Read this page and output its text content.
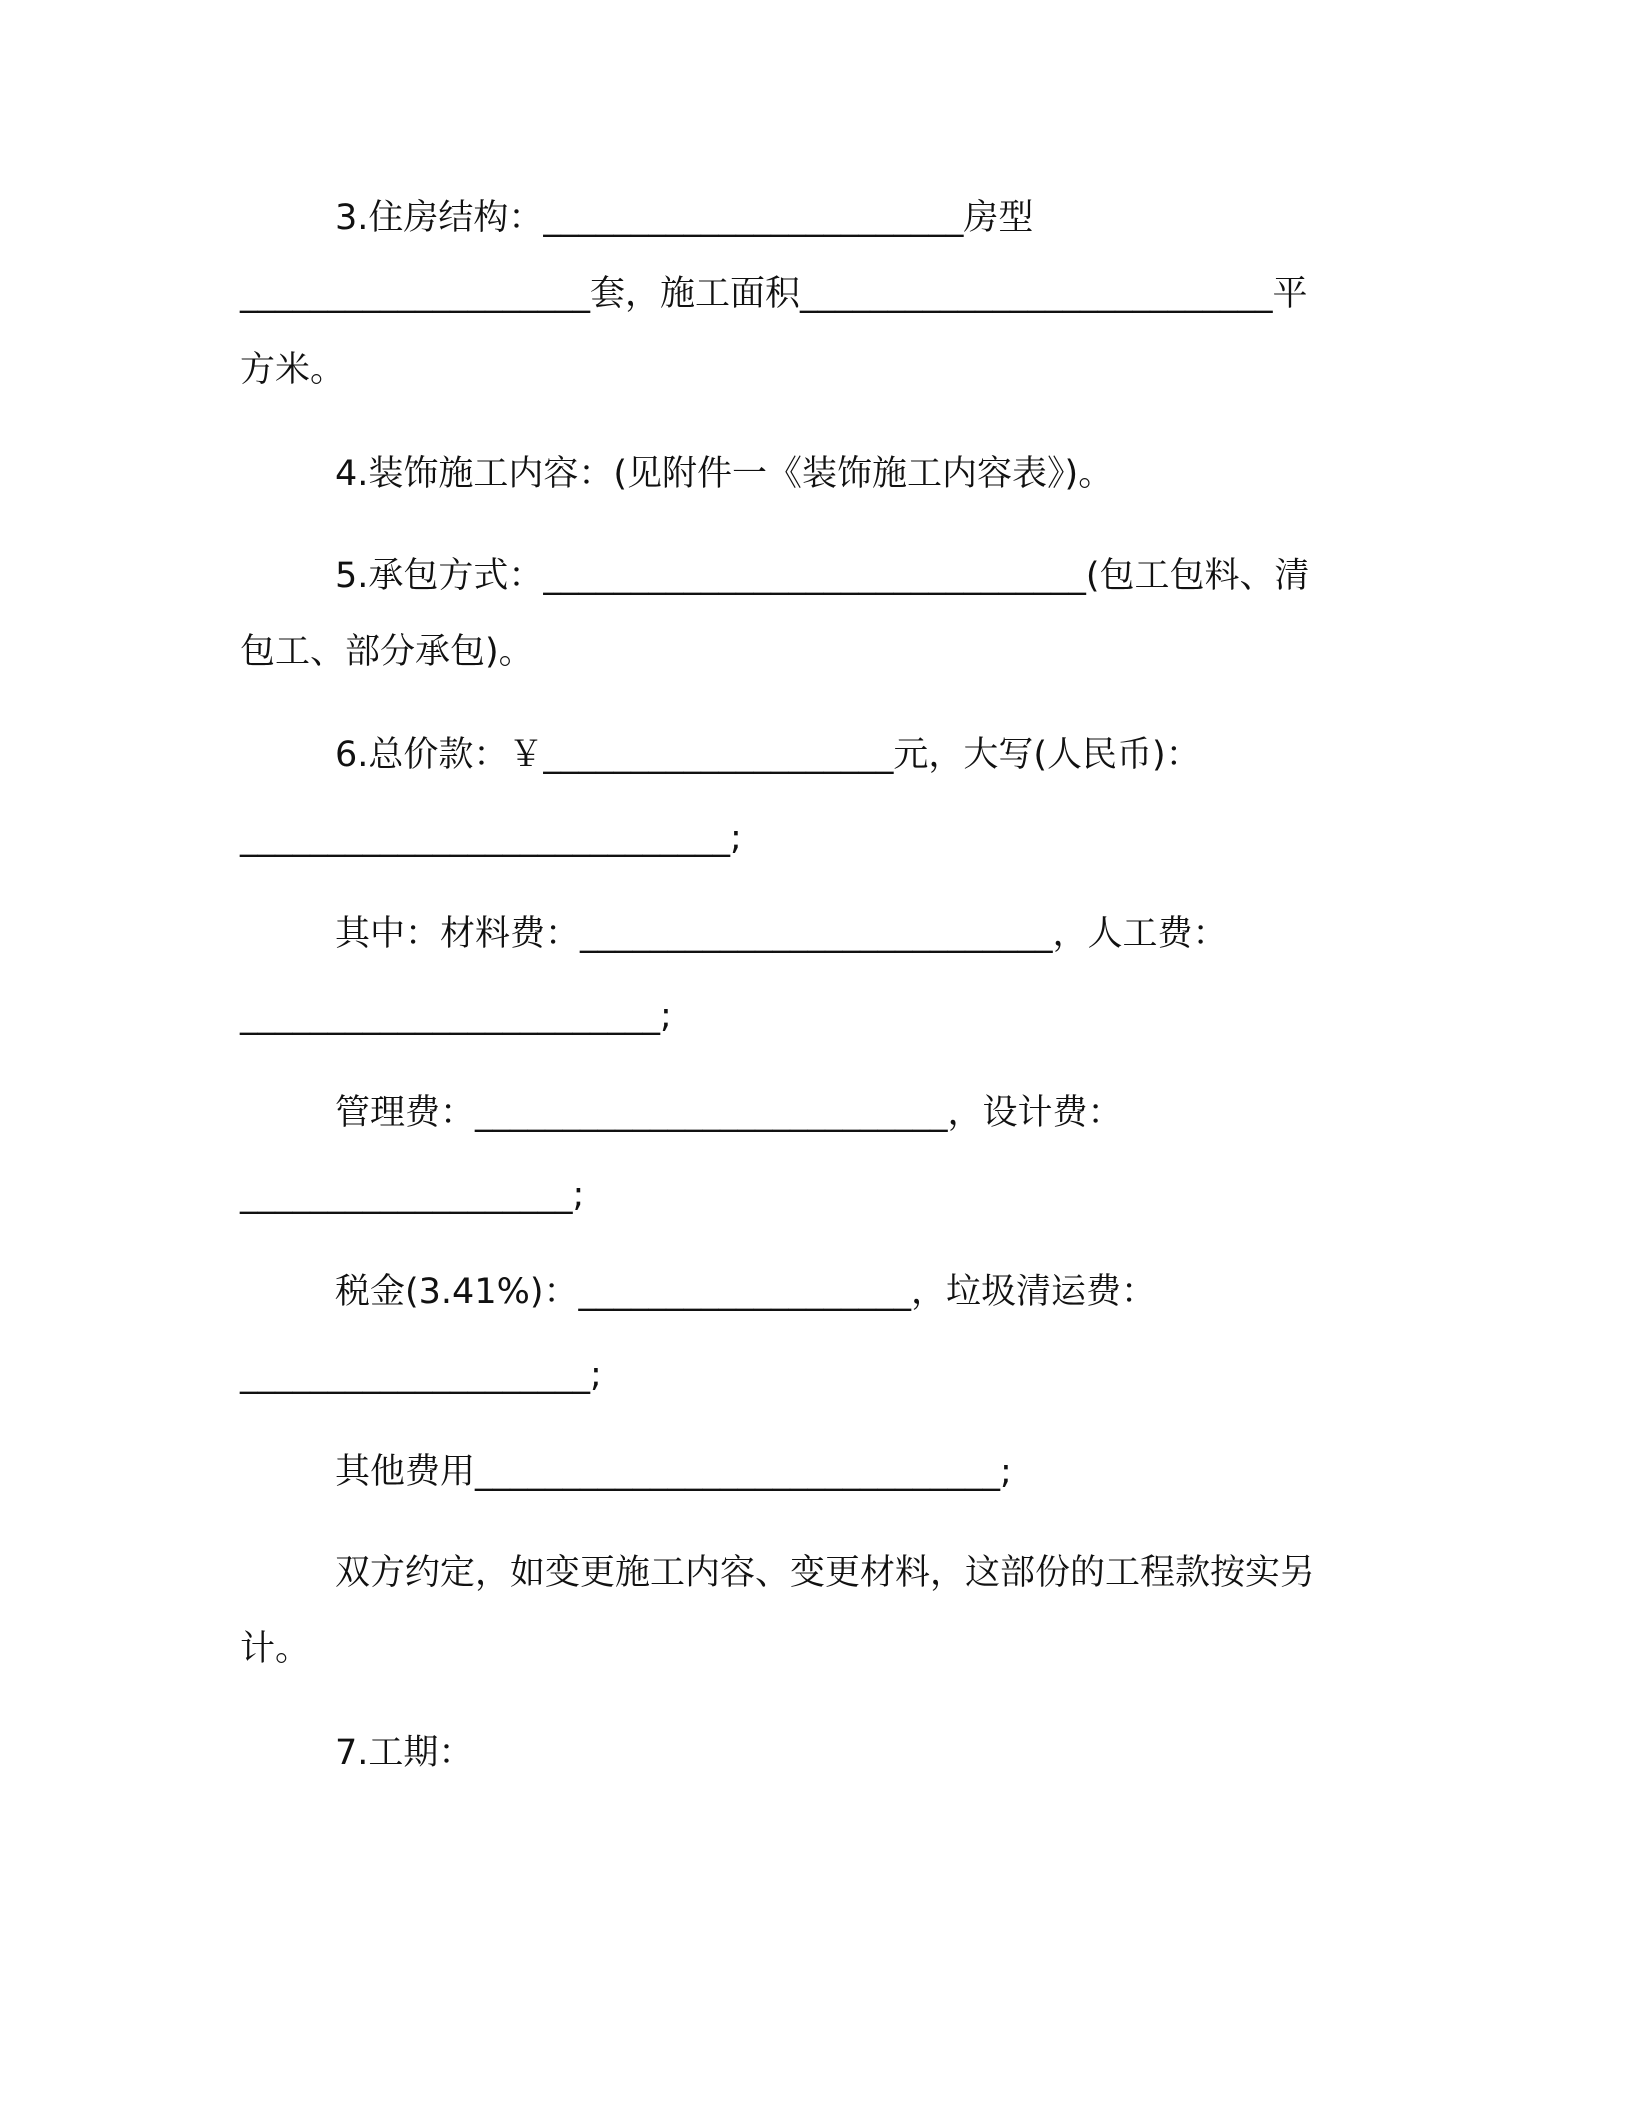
3.住房结构：________________________房型
____________________套，施工面积___________________________平
方米。
4.装饰施工内容：(见附件一《装饰施工内容表》)。
5.承包方式：_______________________________(包工包料、清
包工、部分承包)。
6.总价款：￥____________________元，大写(人民币)：
____________________________;
其中：材料费：___________________________，人工费：
________________________;
管理费：___________________________，设计费：
___________________;
税金(3.41%)：___________________，垃圾清运费：
____________________;
其他费用______________________________;
双方约定，如变更施工内容、变更材料，这部份的工程款按实另
计。
7.工期：
